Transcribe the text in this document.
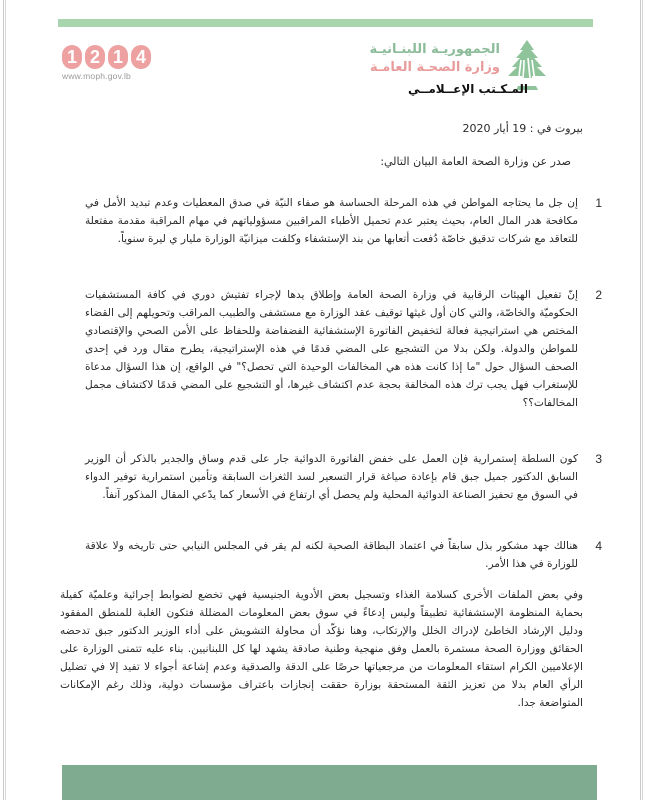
1 2 1 4
www.moph.gov.lb
الجمهوريـة اللبنـانيـة
وزارة الصحـة العامـة
المـكـتب الإعــلامــي
بيروت في : 19 أيار 2020
صدر عن وزارة الصحة العامة البيان التالي:
1
إن جل ما يحتاجه المواطن في هذه المرحلة الحساسة هو صفاء النيّة في صدق المعطيات وعدم تبديد الأمل في مكافحة هدر المال العام، بحيث يعتبر عدم تحميل الأطباء المراقبين مسؤولياتهم في مهام المراقبة مقدمة مفتعلة للتعاقد مع شركات تدقيق خاصّة دُفعت أتعابها من بند الإستشفاء وكلفت ميزانيّة الوزارة مليار ي ليرة سنوياً.
2
إنّ تفعيل الهيئات الرقابية في وزارة الصحة العامة وإطلاق يدها لإجراء تفتيش دوري في كافة المستشفيات الحكوميّة والخاصّة، والتي كان أول غيثها توقيف عقد الوزارة مع مستشفى والطبيب المراقب وتحويلهم إلى القضاء المختص هي استراتيجية فعالة لتخفيض الفاتورة الإستشفائية الفضفاضة وللحفاظ على الأمن الصحي والإقتصادي للمواطن والدولة. ولكن بدلا من التشجيع على المضي قدمًا في هذه الإستراتيجية، يطرح مقال ورد في إحدى الصحف السؤال حول "ما إذا كانت هذه هي المخالفات الوحيدة التي تحصل؟" في الواقع، إن هذا السؤال مدعاة للإستغراب فهل يجب ترك هذه المخالفة بحجة عدم اكتشاف غيرها، أو التشجيع على المضي قدمًا لاكتشاف مجمل المخالفات؟؟
3
كون السلطة إستمرارية فإن العمل على خفض الفاتورة الدوائية جار على قدم وساق والجدير بالذكر أن الوزير السابق الدكتور جميل جبق قام بإعادة صياغة قرار التسعير لسد الثغرات السابقة وتأمين استمرارية توفير الدواء في السوق مع تحفيز الصناعة الدوائية المحلية ولم يحصل أي ارتفاع في الأسعار كما يدّعي المقال المذكور آنفاً.
4
هنالك جهد مشكور بذل سابقاً في اعتماد البطاقة الصحية لكنه لم يقر في المجلس النيابي حتى تاريخه ولا علاقة للوزارة في هذا الأمر.
وفي بعض الملفات الأخرى كسلامة الغذاء وتسجيل بعض الأدوية الجنيسية فهي تخضع لضوابط إجرائية وعلميّة كفيلة بحماية المنظومة الإستشفائية تطبيقاً وليس إدعاءً في سوق بعض المعلومات المضللة فتكون الغلبة للمنطق المفقود ودليل الإرشاد الخاطئ لإدراك الخلل والإرتكاب، وهنا نؤكّد أن محاولة التشويش على أداء الوزير الدكتور جبق تدحضه الحقائق ووزارة الصحة مستمرة بالعمل وفق منهجية وطنية صادقة يشهد لها كل اللبنانيين. بناء عليه تتمنى الوزارة على الإعلاميين الكرام استقاء المعلومات من مرجعياتها حرصًا على الدقة والصدقية وعدم إشاعة أجواء لا تفيد إلا في تضليل الرأي العام بدلا من تعزيز الثقة المستحقة بوزارة حققت إنجازات باعتراف مؤسسات دولية، وذلك رغم الإمكانات المتواضعة جدا.
